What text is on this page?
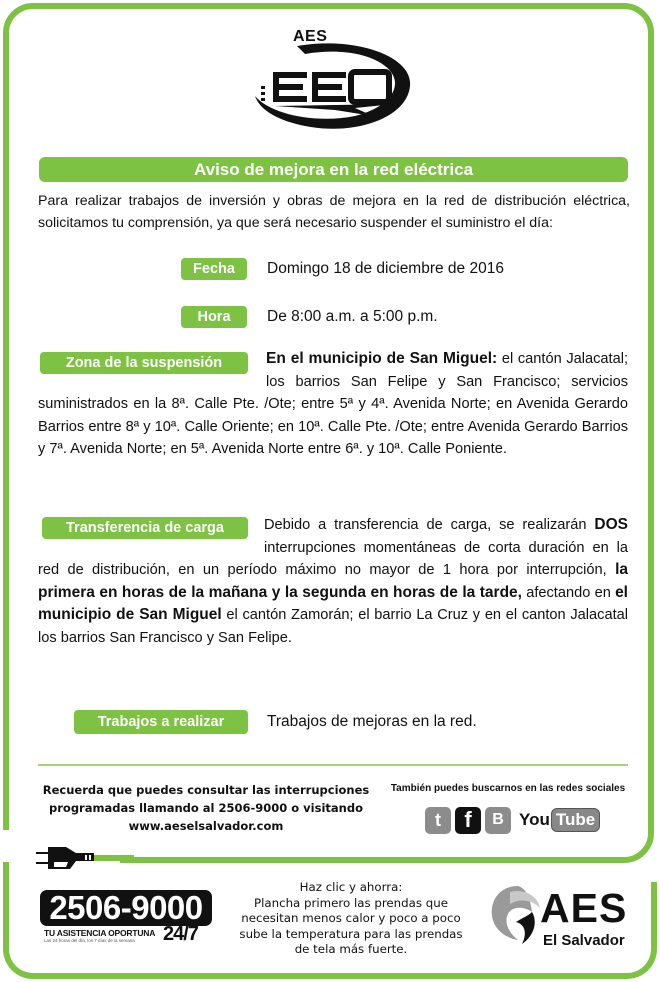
AES
Aviso de mejora en la red eléctrica
Para realizar trabajos de inversión y obras de mejora en la red de distribución eléctrica, solicitamos tu comprensión, ya que será necesario suspender el suministro el día:
Fecha	Domingo 18 de diciembre de 2016
Hora	De 8:00 a.m. a 5:00 p.m.
Zona de la suspensión	En el municipio de San Miguel: el cantón Jalacatal; los barrios San Felipe y San Francisco; servicios suministrados en la 8ª. Calle Pte. /Ote; entre 5ª y 4ª. Avenida Norte; en Avenida Gerardo Barrios entre 8ª y 10ª. Calle Oriente; en 10ª. Calle Pte. /Ote; entre Avenida Gerardo Barrios y 7ª. Avenida Norte; en 5ª. Avenida Norte entre 6ª. y 10ª. Calle Poniente.
Transferencia de carga	Debido a transferencia de carga, se realizarán DOS interrupciones momentáneas de corta duración en la red de distribución, en un período máximo no mayor de 1 hora por interrupción, la primera en horas de la mañana y la segunda en horas de la tarde, afectando en el municipio de San Miguel el cantón Zamorán; el barrio La Cruz y en el canton Jalacatal los barrios San Francisco y San Felipe.
Trabajos a realizar	Trabajos de mejoras en la red.
Recuerda que puedes consultar las interrupciones
programadas llamando al 2506-9000 o visitando
www.aeselsalvador.com
También puedes buscarnos en las redes sociales
t	f	B You Tube
2506-9000
TU ASISTENCIA OPORTUNA
Las 24 horas del día, los 7 días de la semana 24/7
Haz clic y ahorra:
Plancha primero las prendas que
necesitan menos calor y poco a poco
sube la temperatura para las prendas
de tela más fuerte.
AES
El Salvador
